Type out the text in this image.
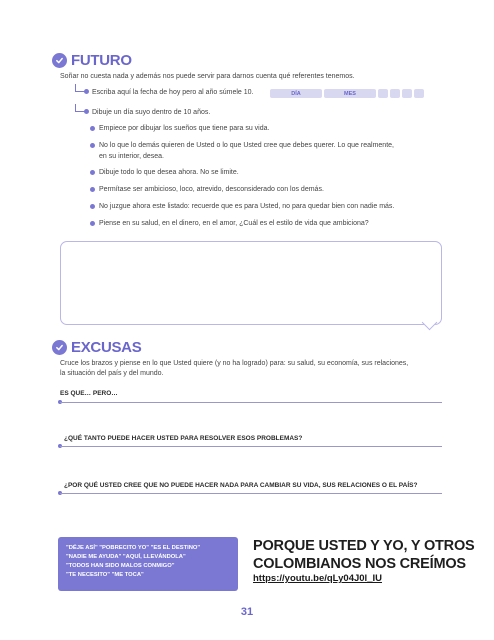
FUTURO
Soñar no cuesta nada y además nos puede servir para darnos cuenta qué referentes tenemos.
Escriba aquí la fecha de hoy pero al año súmele 10.	DÍA	MES
Dibuje un día suyo dentro de 10 años.
Empiece por dibujar los sueños que tiene para su vida.
No lo que lo demás quieren de Usted o lo que Usted cree que debes querer. Lo que realmente,
en su interior, desea.
Dibuje todo lo que desea ahora. No se limite.
Permítase ser ambicioso, loco, atrevido, desconsiderado con los demás.
No juzgue ahora este listado: recuerde que es para Usted, no para quedar bien con nadie más.
Piense en su salud, en el dinero, en el amor, ¿Cuál es el estilo de vida que ambiciona?
EXCUSAS
Cruce los brazos y piense en lo que Usted quiere (y no ha logrado) para: su salud, su economía, sus relaciones,
la situación del país y del mundo.
ES QUE… PERO…
¿QUÉ TANTO PUEDE HACER USTED PARA RESOLVER ESOS PROBLEMAS?
¿POR QUÉ USTED CREE QUE NO PUEDE HACER NADA PARA CAMBIAR SU VIDA, SUS RELACIONES O EL PAÍS?
"DÉJE ASÍ" "POBRECITO YO" "ES EL DESTINO"
"NADIE ME AYUDA" "AQUÍ, LLEVÁNDOLA"
"TODOS HAN SIDO MALOS CONMIGO"
"TE NECESITO" "ME TOCA"
PORQUE USTED Y YO, Y OTROS
COLOMBIANOS NOS CREÍMOS
https://youtu.be/qLy04J0l_IU
31
